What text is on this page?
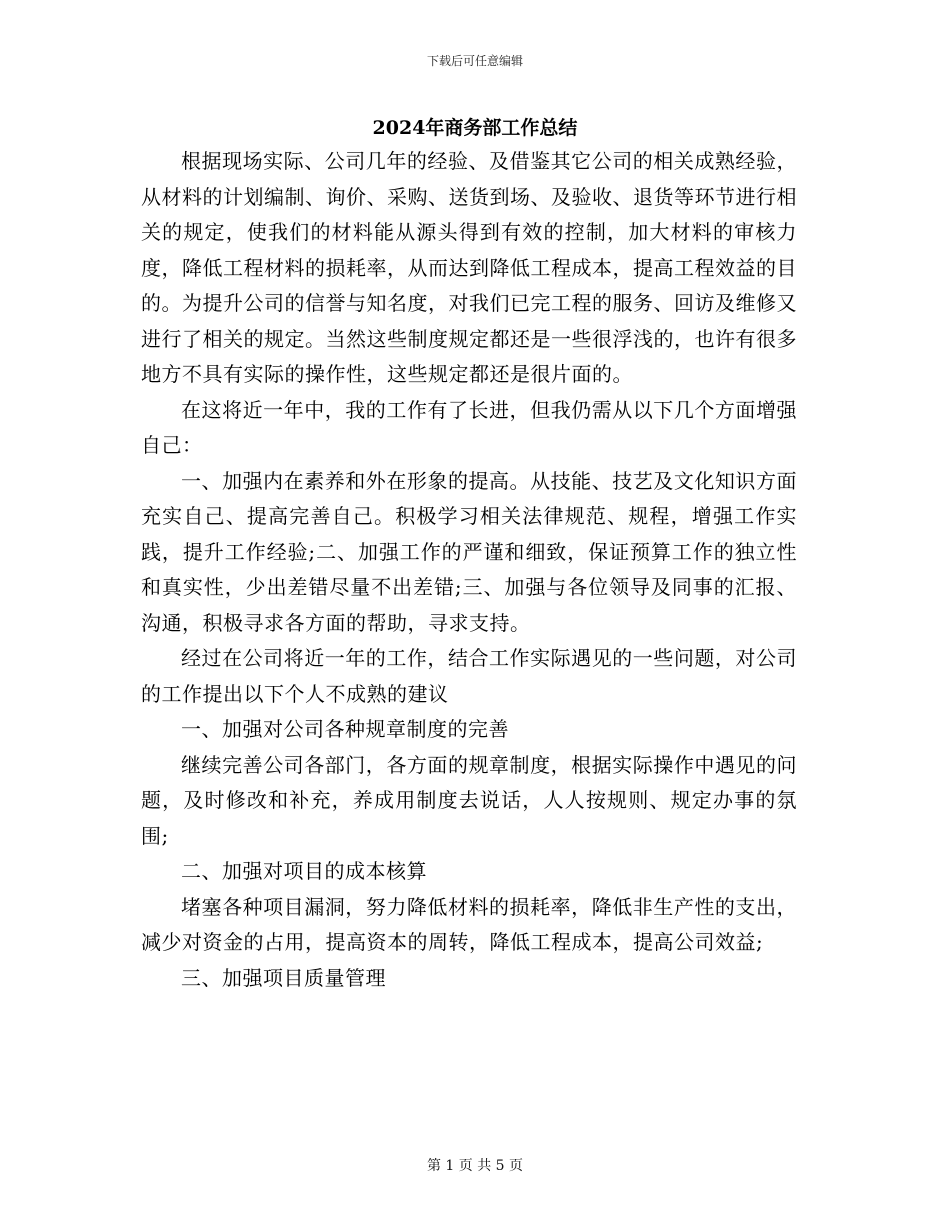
下载后可任意编辑
2024年商务部工作总结

根据现场实际、公司几年的经验、及借鉴其它公司的相关成熟经验，从材料的计划编制、询价、采购、送货到场、及验收、退货等环节进行相关的规定，使我们的材料能从源头得到有效的控制，加大材料的审核力度，降低工程材料的损耗率，从而达到降低工程成本，提高工程效益的目的。为提升公司的信誉与知名度，对我们已完工程的服务、回访及维修又进行了相关的规定。当然这些制度规定都还是一些很浮浅的，也许有很多地方不具有实际的操作性，这些规定都还是很片面的。

在这将近一年中，我的工作有了长进，但我仍需从以下几个方面增强自己：

一、加强内在素养和外在形象的提高。从技能、技艺及文化知识方面充实自己、提高完善自己。积极学习相关法律规范、规程，增强工作实践，提升工作经验;二、加强工作的严谨和细致，保证预算工作的独立性和真实性，少出差错尽量不出差错;三、加强与各位领导及同事的汇报、沟通，积极寻求各方面的帮助，寻求支持。

经过在公司将近一年的工作，结合工作实际遇见的一些问题，对公司的工作提出以下个人不成熟的建议

一、加强对公司各种规章制度的完善

继续完善公司各部门，各方面的规章制度，根据实际操作中遇见的问题，及时修改和补充，养成用制度去说话，人人按规则、规定办事的氛围;

二、加强对项目的成本核算

堵塞各种项目漏洞，努力降低材料的损耗率，降低非生产性的支出，减少对资金的占用，提高资本的周转，降低工程成本，提高公司效益;

三、加强项目质量管理

第 1 页 共 5 页
